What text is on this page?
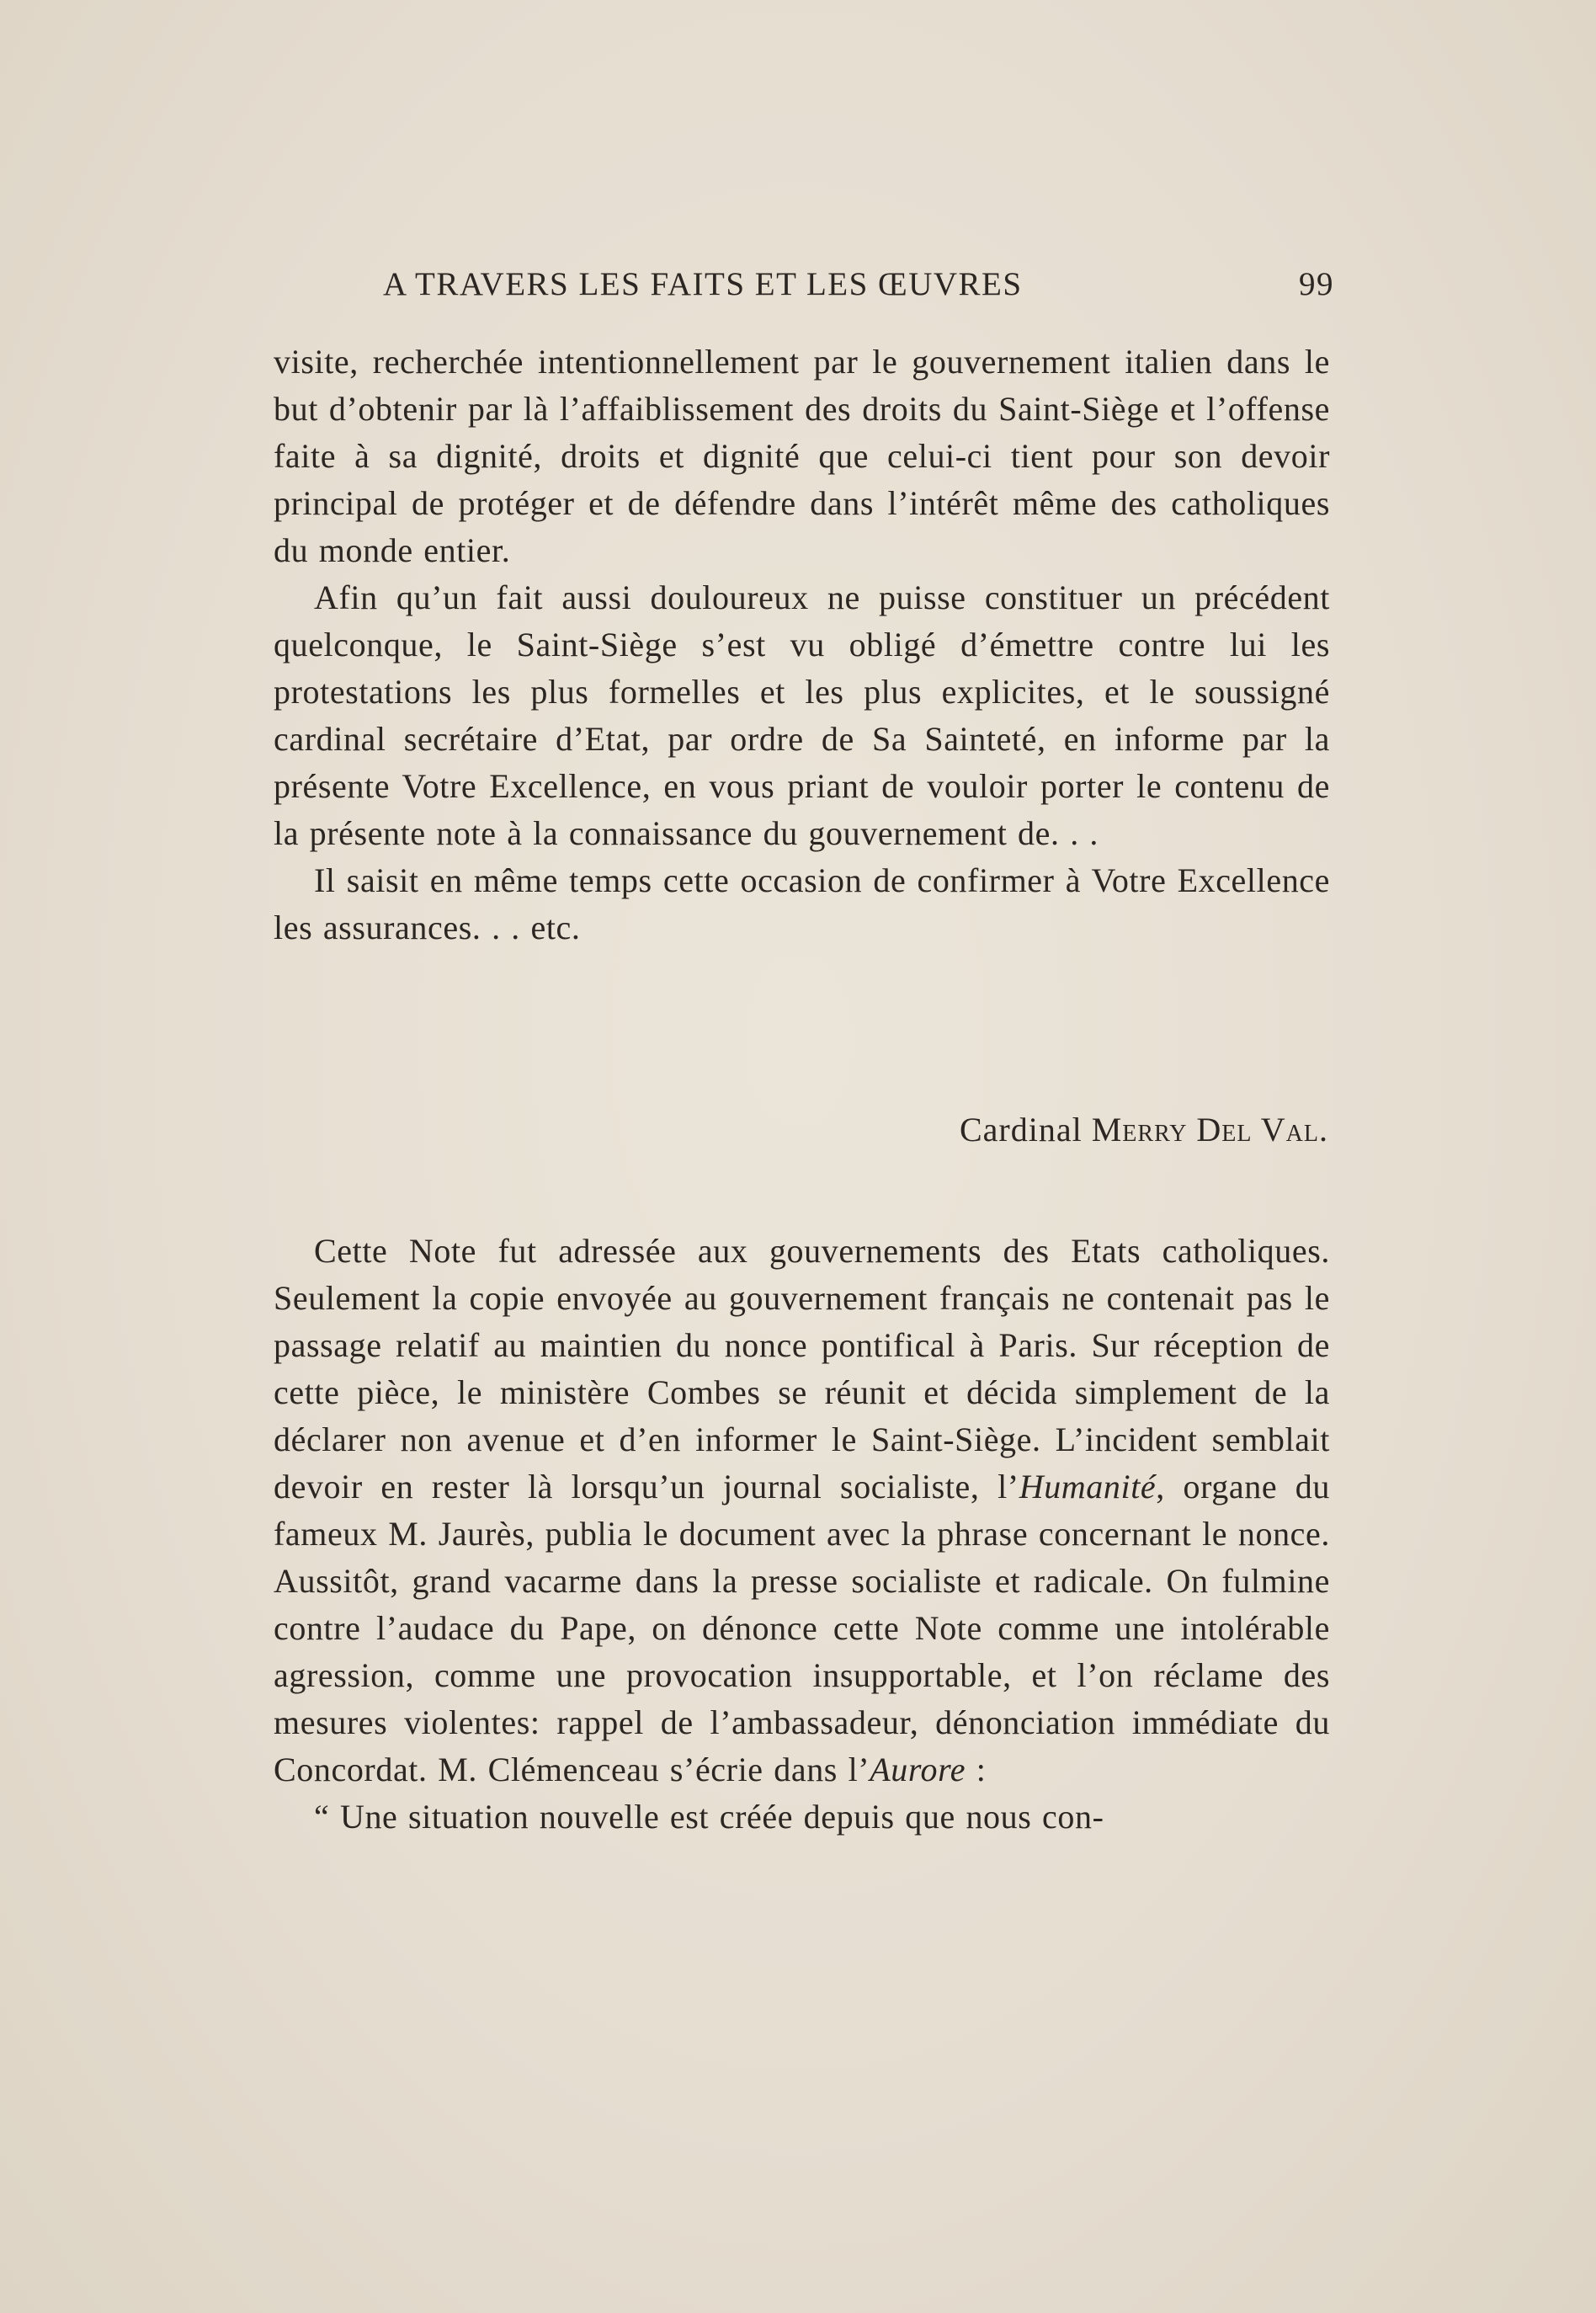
A TRAVERS LES FAITS ET LES ŒUVRES	99

visite, recherchée intentionnellement par le gouvernement italien dans le but d’obtenir par là l’affaiblissement des droits du Saint-Siège et l’offense faite à sa dignité, droits et dignité que celui-ci tient pour son devoir principal de protéger et de défendre dans l’intérêt même des catholiques du monde entier.

Afin qu’un fait aussi douloureux ne puisse constituer un précédent quelconque, le Saint-Siège s’est vu obligé d’émettre contre lui les protestations les plus formelles et les plus explicites, et le soussigné cardinal secrétaire d’Etat, par ordre de Sa Sainteté, en informe par la présente Votre Excellence, en vous priant de vouloir porter le contenu de la présente note à la connaissance du gouvernement de. . .

Il saisit en même temps cette occasion de confirmer à Votre Excellence les assurances. . . etc.

Cardinal Merry Del Val.

Cette Note fut adressée aux gouvernements des Etats catholiques. Seulement la copie envoyée au gouvernement français ne contenait pas le passage relatif au maintien du nonce pontifical à Paris. Sur réception de cette pièce, le ministère Combes se réunit et décida simplement de la déclarer non avenue et d’en informer le Saint-Siège. L’incident semblait devoir en rester là lorsqu’un journal socialiste, l’Humanité, organe du fameux M. Jaurès, publia le document avec la phrase concernant le nonce. Aussitôt, grand vacarme dans la presse socialiste et radicale. On fulmine contre l’audace du Pape, on dénonce cette Note comme une intolérable agression, comme une provocation insupportable, et l’on réclame des mesures violentes: rappel de l’ambassadeur, dénonciation immédiate du Concordat. M. Clémenceau s’écrie dans l’Aurore :

“ Une situation nouvelle est créée depuis que nous con-
